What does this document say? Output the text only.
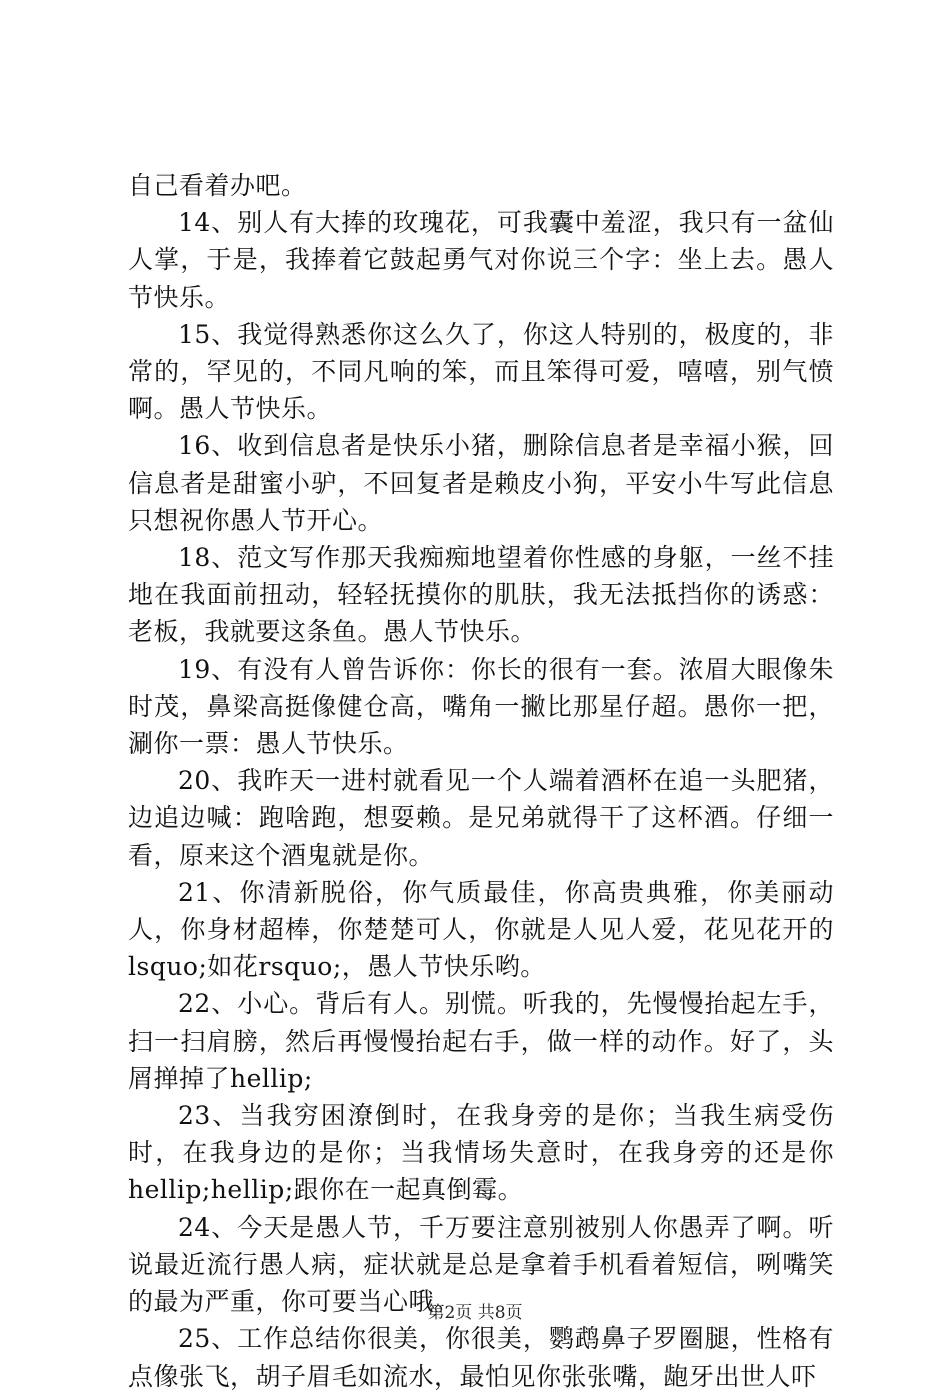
自己看着办吧。

14、别人有大捧的玫瑰花，可我囊中羞涩，我只有一盆仙人掌，于是，我捧着它鼓起勇气对你说三个字：坐上去。愚人节快乐。

15、我觉得熟悉你这么久了，你这人特别的，极度的，非常的，罕见的，不同凡响的笨，而且笨得可爱，嘻嘻，别气愤啊。愚人节快乐。

16、收到信息者是快乐小猪，删除信息者是幸福小猴，回信息者是甜蜜小驴，不回复者是赖皮小狗，平安小牛写此信息只想祝你愚人节开心。

18、范文写作那天我痴痴地望着你性感的身躯，一丝不挂地在我面前扭动，轻轻抚摸你的肌肤，我无法抵挡你的诱惑：老板，我就要这条鱼。愚人节快乐。

19、有没有人曾告诉你：你长的很有一套。浓眉大眼像朱时茂，鼻梁高挺像健仓高，嘴角一撇比那星仔超。愚你一把，涮你一票：愚人节快乐。

20、我昨天一进村就看见一个人端着酒杯在追一头肥猪，边追边喊：跑啥跑，想耍赖。是兄弟就得干了这杯酒。仔细一看，原来这个酒鬼就是你。

21、你清新脱俗，你气质最佳，你高贵典雅，你美丽动人，你身材超棒，你楚楚可人，你就是人见人爱，花见花开的lsquo;如花rsquo;，愚人节快乐哟。

22、小心。背后有人。别慌。听我的，先慢慢抬起左手，扫一扫肩膀，然后再慢慢抬起右手，做一样的动作。好了，头屑掸掉了hellip;

23、当我穷困潦倒时，在我身旁的是你；当我生病受伤时，在我身边的是你；当我情场失意时，在我身旁的还是你hellip;hellip;跟你在一起真倒霉。

24、今天是愚人节，千万要注意别被别人你愚弄了啊。听说最近流行愚人病，症状就是总是拿着手机看着短信，咧嘴笑的最为严重，你可要当心哦。

25、工作总结你很美，你很美，鹦鹉鼻子罗圈腿，性格有点像张飞，胡子眉毛如流水，最怕见你张张嘴，龅牙出世人吓

第2页 共8页
